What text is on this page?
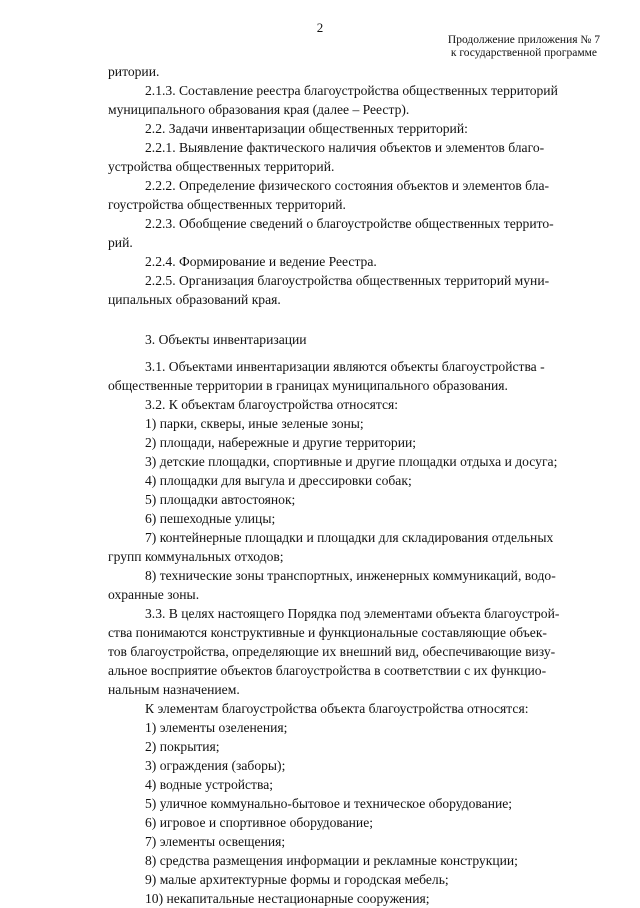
2
Продолжение приложения № 7
к государственной программе
ритории.
2.1.3. Составление реестра благоустройства общественных территорий
муниципального образования края (далее – Реестр).
2.2. Задачи инвентаризации общественных территорий:
2.2.1. Выявление фактического наличия объектов и элементов благо-
устройства общественных территорий.
2.2.2. Определение физического состояния объектов и элементов бла-
гоустройства общественных территорий.
2.2.3. Обобщение сведений о благоустройстве общественных террито-
рий.
2.2.4. Формирование и ведение Реестра.
2.2.5. Организация благоустройства общественных территорий муни-
ципальных образований края.
3. Объекты инвентаризации
3.1. Объектами инвентаризации являются объекты благоустройства -
общественные территории в границах муниципального образования.
3.2. К объектам благоустройства относятся:
1) парки, скверы, иные зеленые зоны;
2) площади, набережные и другие территории;
3) детские площадки, спортивные и другие площадки отдыха и досуга;
4) площадки для выгула и дрессировки собак;
5) площадки автостоянок;
6) пешеходные улицы;
7) контейнерные площадки и площадки для складирования отдельных
групп коммунальных отходов;
8) технические зоны транспортных, инженерных коммуникаций, водо-
охранные зоны.
3.3. В целях настоящего Порядка под элементами объекта благоустрой-
ства понимаются конструктивные и функциональные составляющие объек-
тов благоустройства, определяющие их внешний вид, обеспечивающие визу-
альное восприятие объектов благоустройства в соответствии с их функцио-
нальным назначением.
К элементам благоустройства объекта благоустройства относятся:
1) элементы озеленения;
2) покрытия;
3) ограждения (заборы);
4) водные устройства;
5) уличное коммунально-бытовое и техническое оборудование;
6) игровое и спортивное оборудование;
7) элементы освещения;
8) средства размещения информации и рекламные конструкции;
9) малые архитектурные формы и городская мебель;
10) некапитальные нестационарные сооружения;
